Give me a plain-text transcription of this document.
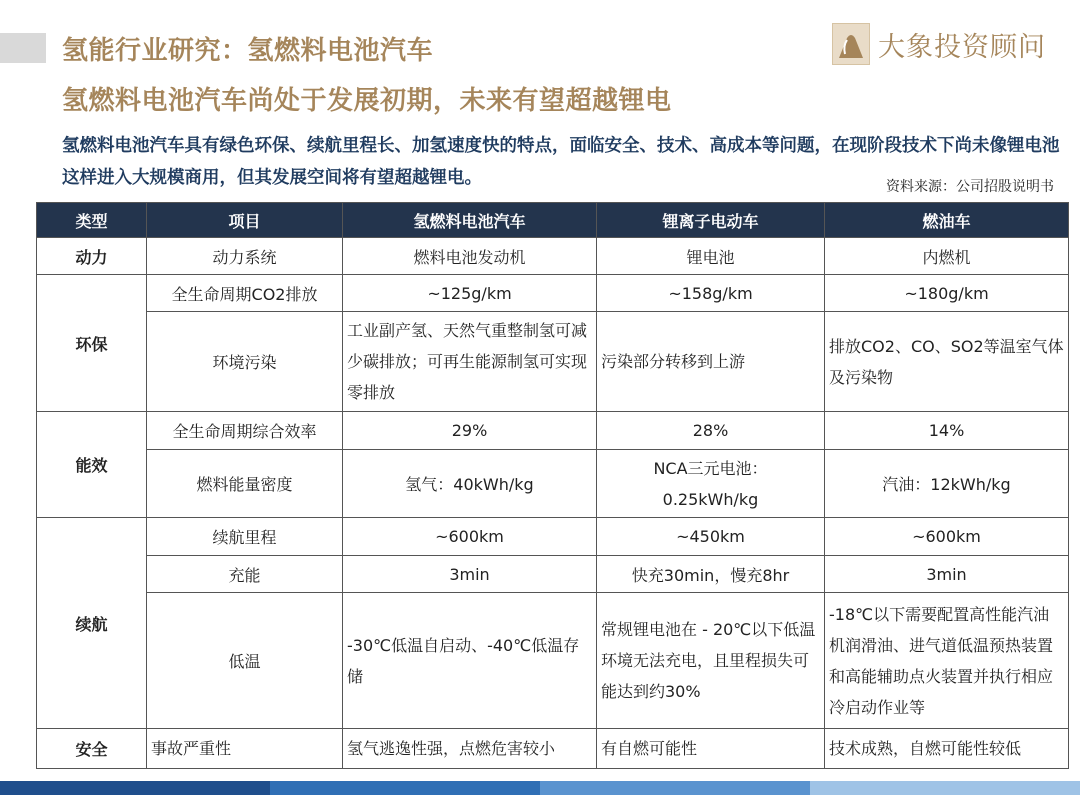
氢能行业研究：氢燃料电池汽车
氢燃料电池汽车尚处于发展初期，未来有望超越锂电
大象投资顾问
氢燃料电池汽车具有绿色环保、续航里程长、加氢速度快的特点，面临安全、技术、高成本等问题，在现阶段技术下尚未像锂电池这样进入大规模商用，但其发展空间将有望超越锂电。	资料来源：公司招股说明书
类型	项目	氢燃料电池汽车	锂离子电动车	燃油车
动力	动力系统	燃料电池发动机	锂电池	内燃机
环保	全生命周期CO2排放	~125g/km	~158g/km	~180g/km
	环境污染	工业副产氢、天然气重整制氢可减少碳排放；可再生能源制氢可实现零排放	污染部分转移到上游	排放CO2、CO、SO2等温室气体及污染物
能效	全生命周期综合效率	29%	28%	14%
	燃料能量密度	氢气：40kWh/kg	NCA三元电池：0.25kWh/kg	汽油：12kWh/kg
续航	续航里程	~600km	~450km	~600km
	充能	3min	快充30min，慢充8hr	3min
	低温	-30℃低温自启动、-40℃低温存储	常规锂电池在 - 20℃以下低温环境无法充电，且里程损失可能达到约30%	-18℃以下需要配置高性能汽油机润滑油、进气道低温预热装置和高能辅助点火装置并执行相应冷启动作业等
安全	事故严重性	氢气逃逸性强，点燃危害较小	有自燃可能性	技术成熟，自燃可能性较低
